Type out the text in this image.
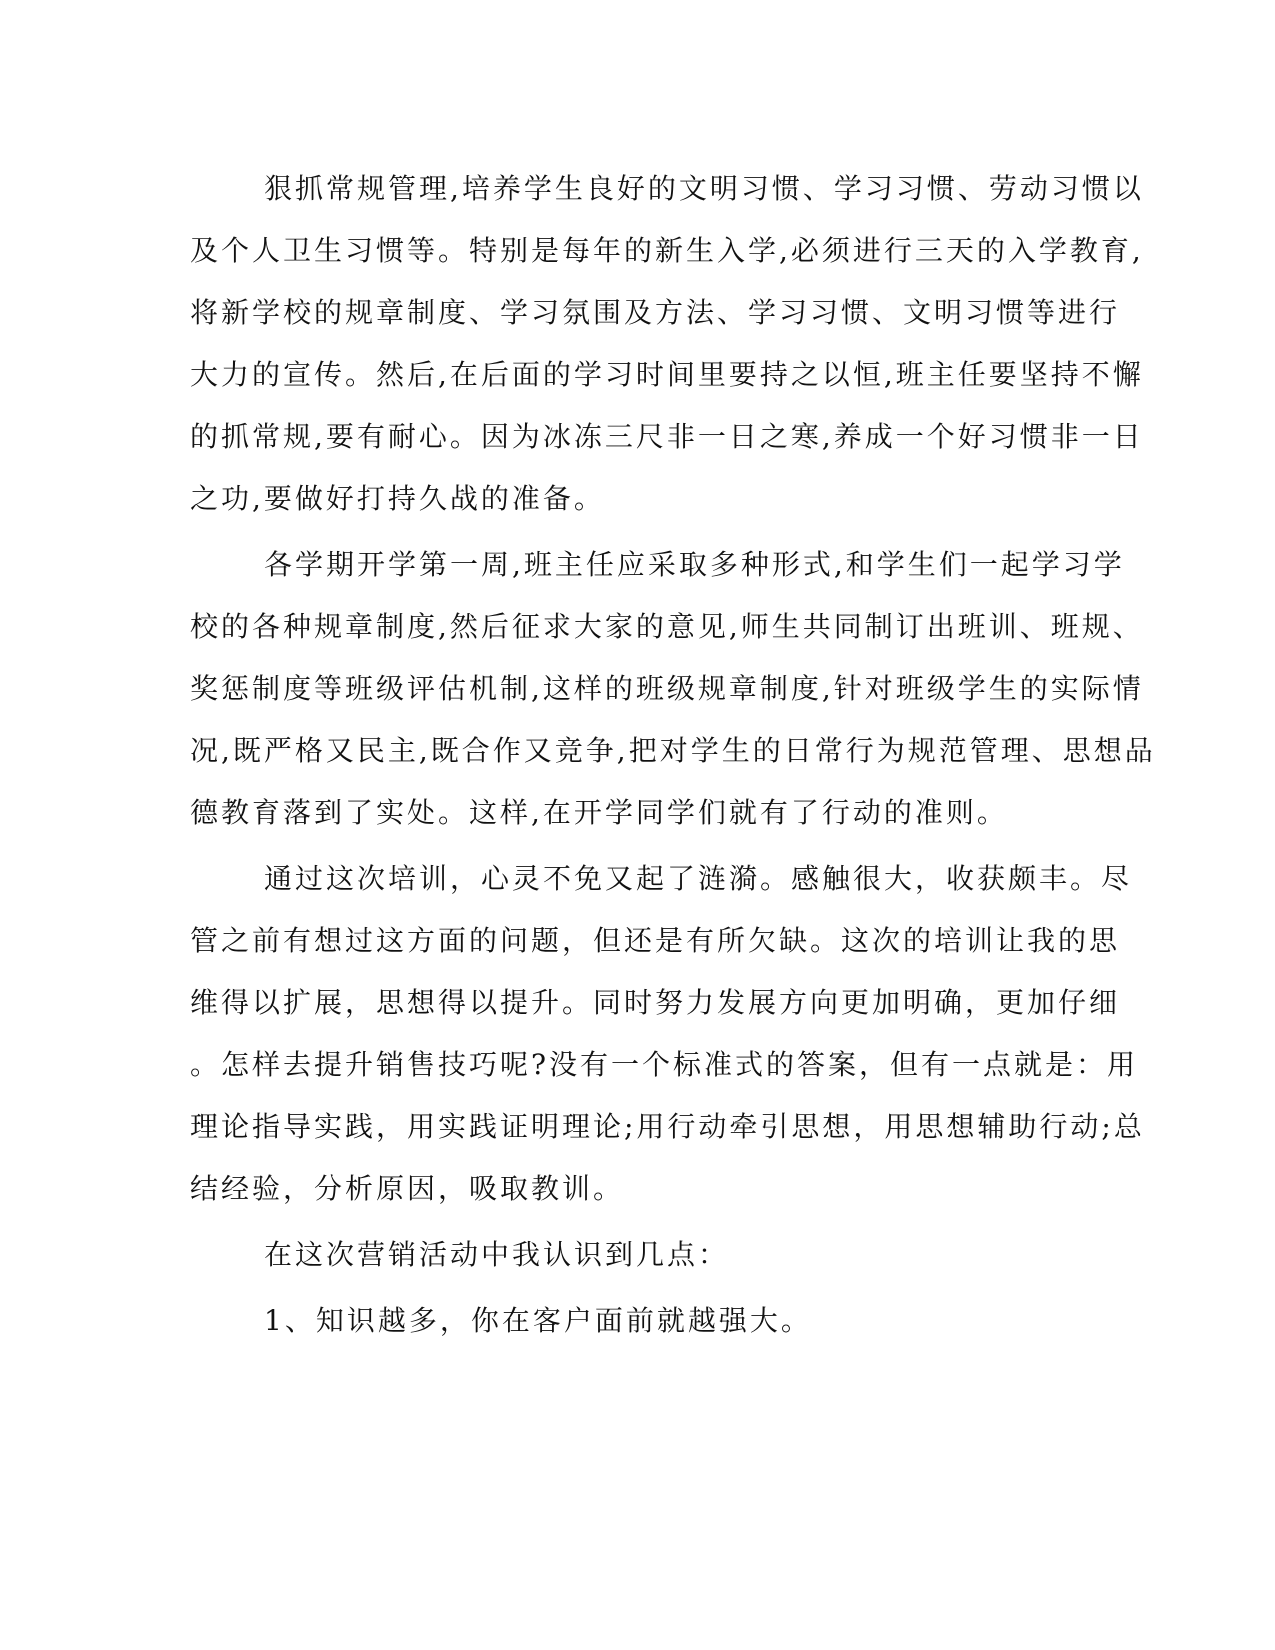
狠抓常规管理,培养学生良好的文明习惯、学习习惯、劳动习惯以
及个人卫生习惯等。特别是每年的新生入学,必须进行三天的入学教育,
将新学校的规章制度、学习氛围及方法、学习习惯、文明习惯等进行
大力的宣传。然后,在后面的学习时间里要持之以恒,班主任要坚持不懈
的抓常规,要有耐心。因为冰冻三尺非一日之寒,养成一个好习惯非一日
之功,要做好打持久战的准备。
各学期开学第一周,班主任应采取多种形式,和学生们一起学习学
校的各种规章制度,然后征求大家的意见,师生共同制订出班训、班规、
奖惩制度等班级评估机制,这样的班级规章制度,针对班级学生的实际情
况,既严格又民主,既合作又竞争,把对学生的日常行为规范管理、思想品
德教育落到了实处。这样,在开学同学们就有了行动的准则。
通过这次培训，心灵不免又起了涟漪。感触很大，收获颇丰。尽
管之前有想过这方面的问题，但还是有所欠缺。这次的培训让我的思
维得以扩展，思想得以提升。同时努力发展方向更加明确，更加仔细
。怎样去提升销售技巧呢?没有一个标准式的答案，但有一点就是：用
理论指导实践，用实践证明理论;用行动牵引思想，用思想辅助行动;总
结经验，分析原因，吸取教训。
在这次营销活动中我认识到几点：
1、知识越多，你在客户面前就越强大。
